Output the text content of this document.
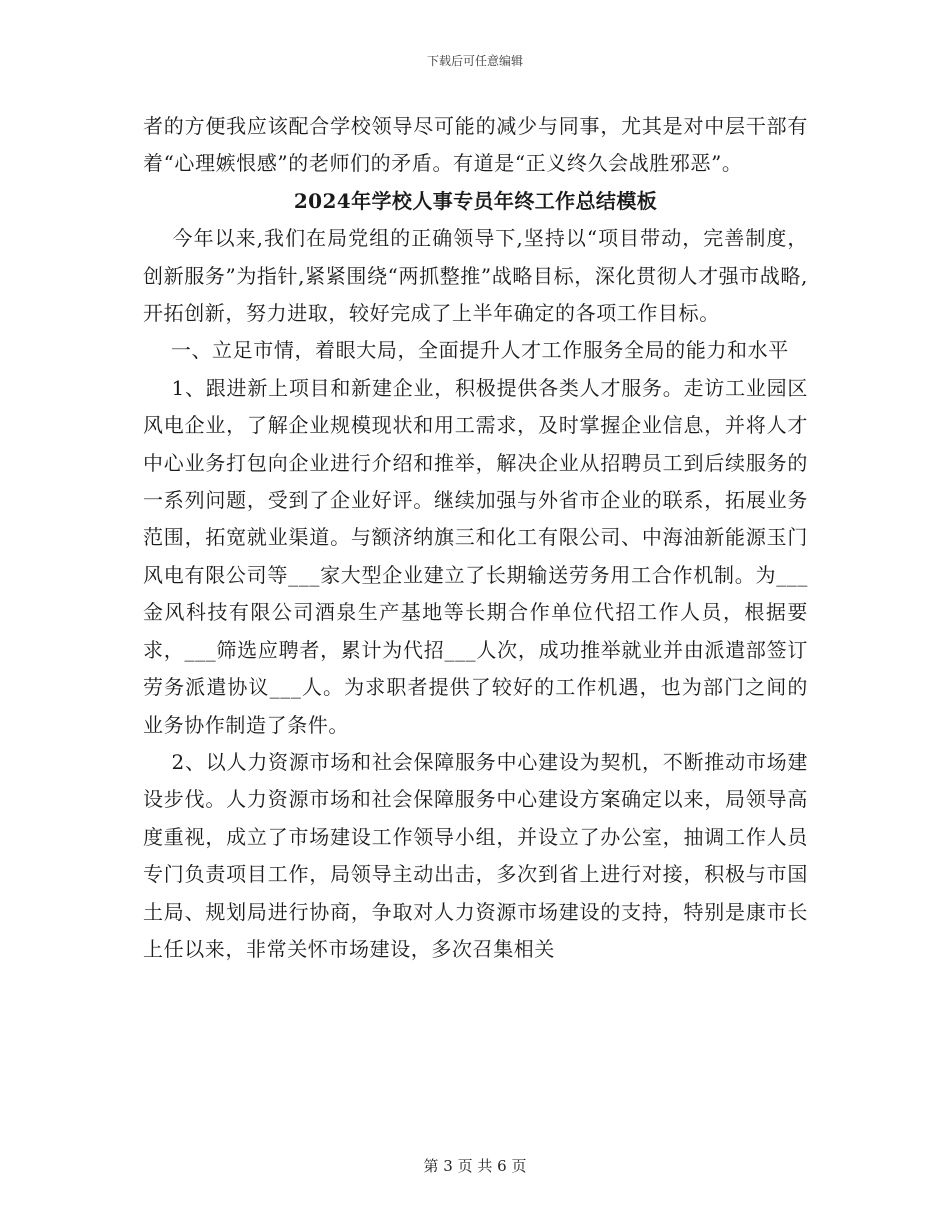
下载后可任意编辑

者的方便我应该配合学校领导尽可能的减少与同事，尤其是对中层干部有着“心理嫉恨感”的老师们的矛盾。有道是“正义终久会战胜邪恶”。

2024年学校人事专员年终工作总结模板

今年以来,我们在局党组的正确领导下,坚持以“项目带动，完善制度，创新服务”为指针,紧紧围绕“两抓整推”战略目标，深化贯彻人才强市战略,开拓创新，努力进取，较好完成了上半年确定的各项工作目标。

一、立足市情，着眼大局，全面提升人才工作服务全局的能力和水平

1、跟进新上项目和新建企业，积极提供各类人才服务。走访工业园区风电企业，了解企业规模现状和用工需求，及时掌握企业信息，并将人才中心业务打包向企业进行介绍和推举，解决企业从招聘员工到后续服务的一系列问题，受到了企业好评。继续加强与外省市企业的联系，拓展业务范围，拓宽就业渠道。与额济纳旗三和化工有限公司、中海油新能源玉门风电有限公司等___家大型企业建立了长期输送劳务用工合作机制。为___金风科技有限公司酒泉生产基地等长期合作单位代招工作人员，根据要求，___筛选应聘者，累计为代招___人次，成功推举就业并由派遣部签订劳务派遣协议___人。为求职者提供了较好的工作机遇，也为部门之间的业务协作制造了条件。

2、以人力资源市场和社会保障服务中心建设为契机，不断推动市场建设步伐。人力资源市场和社会保障服务中心建设方案确定以来，局领导高度重视，成立了市场建设工作领导小组，并设立了办公室，抽调工作人员专门负责项目工作，局领导主动出击，多次到省上进行对接，积极与市国土局、规划局进行协商，争取对人力资源市场建设的支持，特别是康市长上任以来，非常关怀市场建设，多次召集相关

第 3 页 共 6 页
